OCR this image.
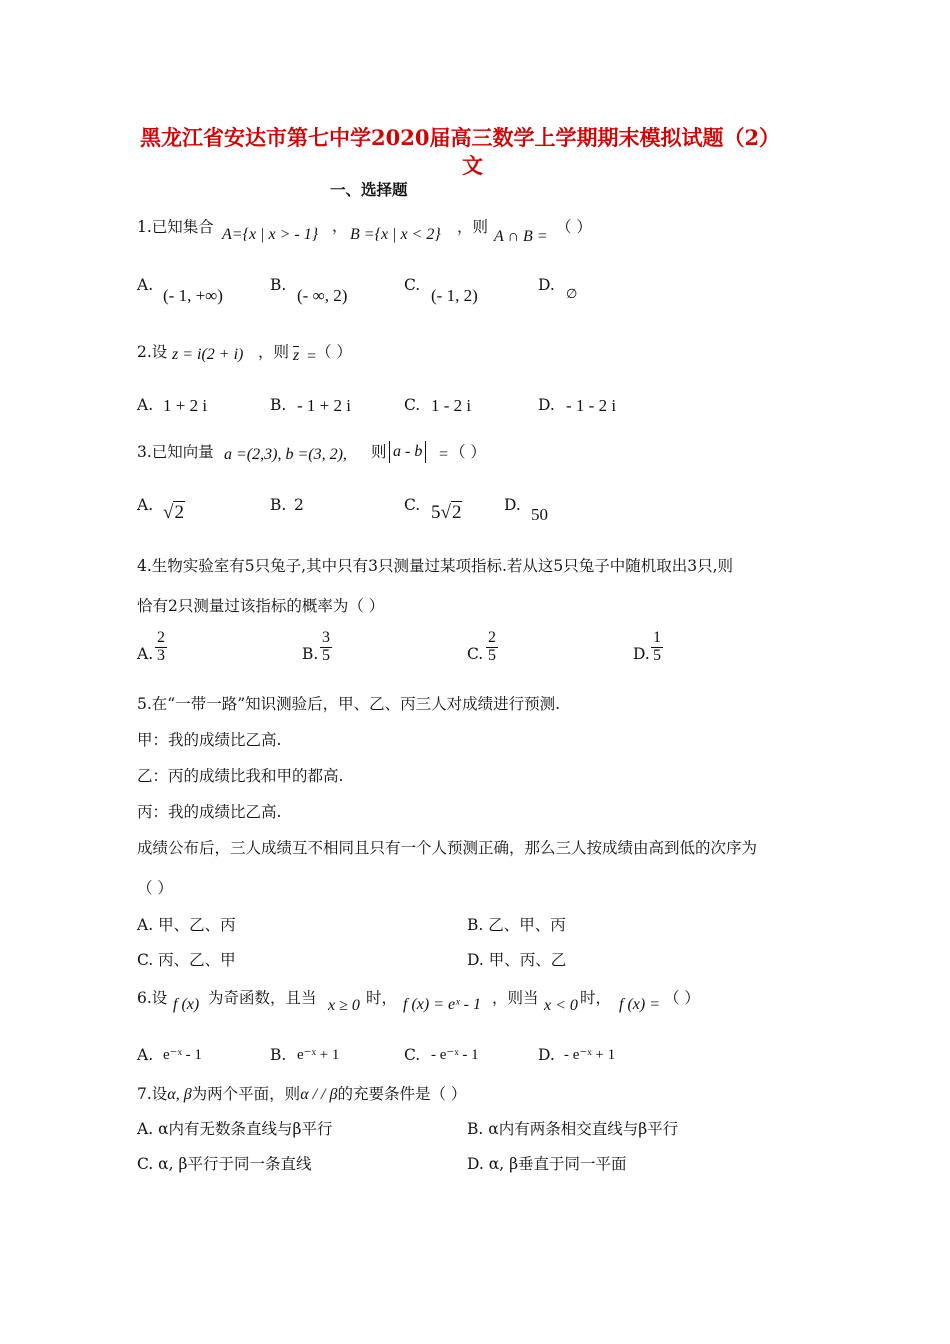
黑龙江省安达市第七中学2020届高三数学上学期期末模拟试题（2）
文
一、选择题
1.已知集合 A={x | x > - 1} ， B ={x | x < 2} ，则
A ∩ B =
（ ）
A.
(- 1, +∞)
B.
(- ∞, 2)
C.
(- 1, 2)
D. ∅
2.设 z = i(2 + i) ，则 z = （ ）
A. 1 + 2 i	B. - 1 + 2 i	C. 1 - 2 i	D. - 1 - 2 i
3.已知向量 a =(2,3), b =(3, 2), 则 a - b = （ ）
A. √2	B. 2	C. 5√2	D. 50
4.生物实验室有5只兔子,其中只有3只测量过某项指标.若从这5只兔子中随机取出3只,则
恰有2只测量过该指标的概率为（ ）
A. $\frac{2}{3}$	B. $\frac{3}{5}$	C. $\frac{2}{5}$	D. $\frac{1}{5}$
5.在“一带一路”知识测验后，甲、乙、丙三人对成绩进行预测.
甲：我的成绩比乙高.
乙：丙的成绩比我和甲的都高.
丙：我的成绩比乙高.
成绩公布后，三人成绩互不相同且只有一个人预测正确，那么三人按成绩由高到低的次序为
（ ）
A. 甲、乙、丙	B. 乙、甲、丙
C. 丙、乙、甲	D. 甲、丙、乙
6.设 f (x) 为奇函数，且当 x ≥ 0 时， f (x) = eˣ - 1 ，则当 x < 0 时， f (x) = （ ）
A. e⁻ˣ - 1	B. e⁻ˣ + 1	C. - e⁻ˣ - 1	D. - e⁻ˣ + 1
7.设α, β为两个平面，则α / / β的充要条件是（ ）
A. α内有无数条直线与β平行	B. α内有两条相交直线与β平行
C. α, β平行于同一条直线	D. α, β垂直于同一平面
